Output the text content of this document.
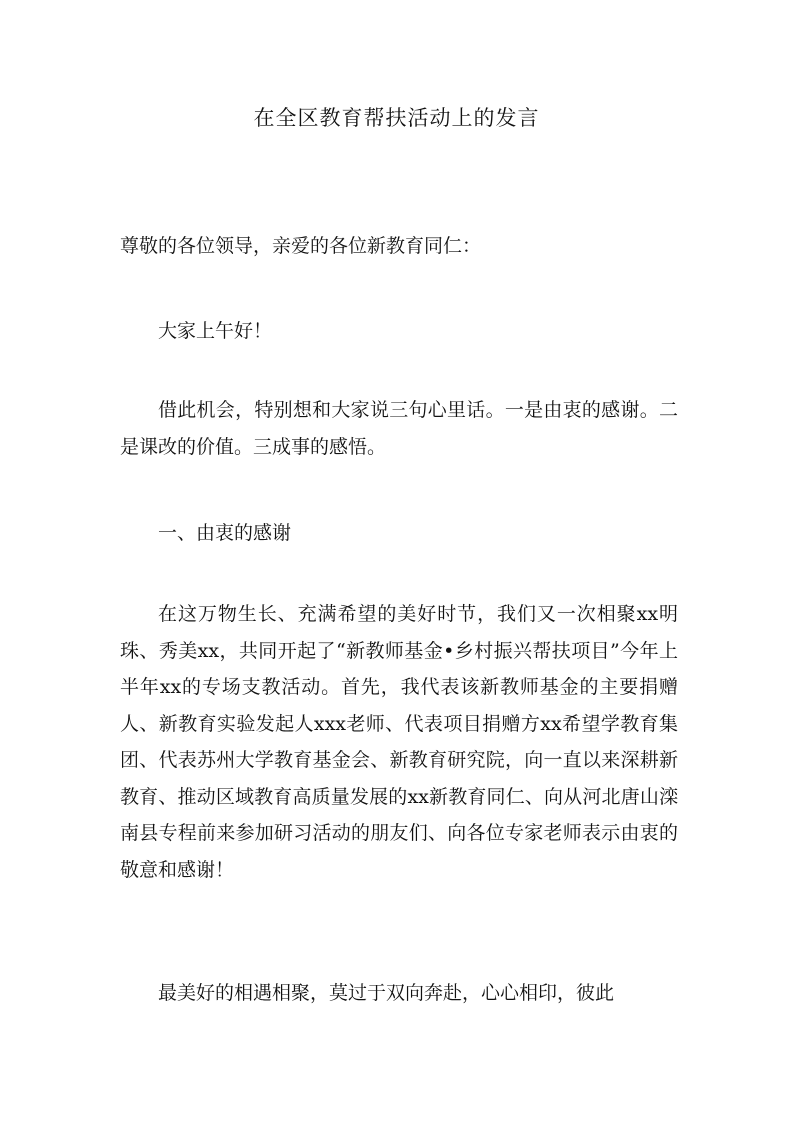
在全区教育帮扶活动上的发言
尊敬的各位领导，亲爱的各位新教育同仁：
大家上午好！
借此机会，特别想和大家说三句心里话。一是由衷的感谢。二是课改的价值。三成事的感悟。
一、由衷的感谢
在这万物生长、充满希望的美好时节，我们又一次相聚xx明珠、秀美xx，共同开起了“新教师基金•乡村振兴帮扶项目”今年上半年xx的专场支教活动。首先，我代表该新教师基金的主要捐赠人、新教育实验发起人xxx老师、代表项目捐赠方xx希望学教育集团、代表苏州大学教育基金会、新教育研究院，向一直以来深耕新教育、推动区域教育高质量发展的xx新教育同仁、向从河北唐山滦南县专程前来参加研习活动的朋友们、向各位专家老师表示由衷的敬意和感谢！
最美好的相遇相聚，莫过于双向奔赴，心心相印，彼此
